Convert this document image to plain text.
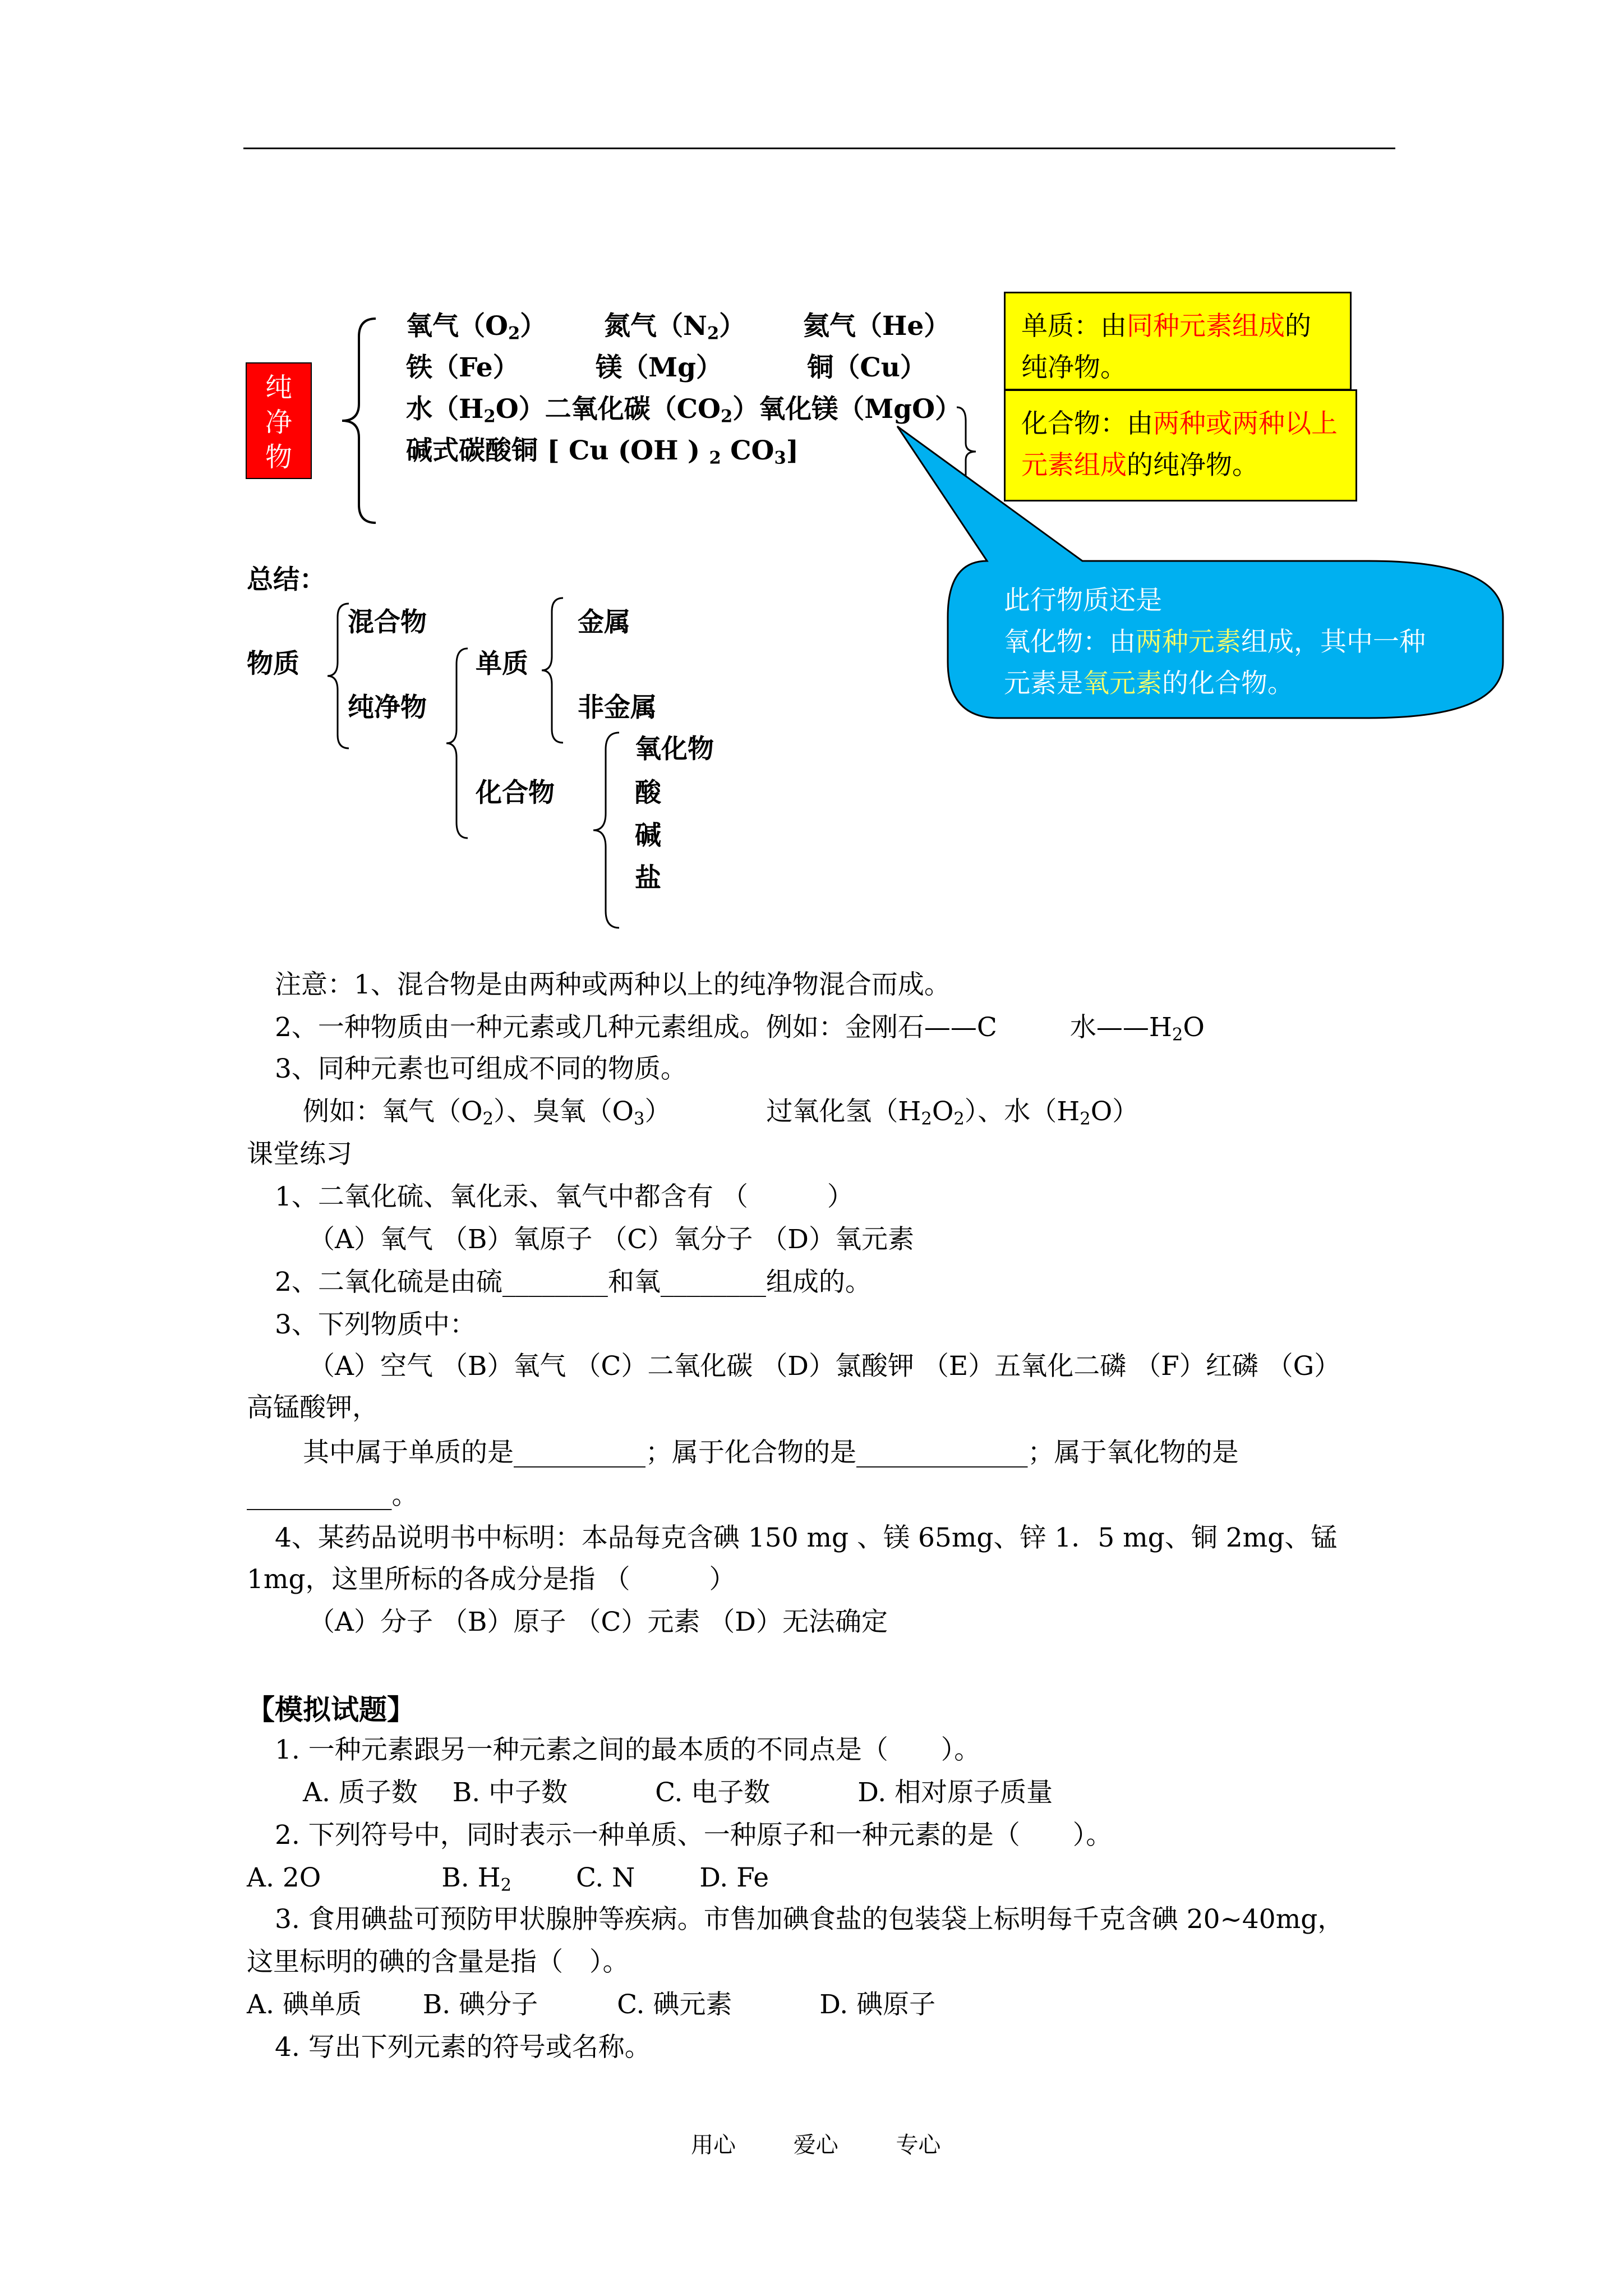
纯
净
物
氧气$(O_2)$ 氮气$(N_2)$ 氦气（He）
铁（Fe）	镁（Mg）	铜（Cu）
水$(H_2O)$二氧化碳$(CO_2)$氧化镁（MgO）
碱式碳酸铜 [ Cu (OH ) $_2$ $CO_3$]
此行物质还是
氧化物：由两种元素组成，其中一种
元素是氧元素的化合物。
单质：由同种元素组成的纯净物。
化合物：由两种或两种以上元素组成的纯净物。
总结：
物质
混合物
纯净物
单质
化合物
金属
非金属
氧化物
酸
碱
盐
注意：1、混合物是由两种或两种以上的纯净物混合而成。
2、一种物质由一种元素或几种元素组成。例如：金刚石——C	水$——H_2O$
3、同种元素也可组成不同的物质。
例如：氧气$(O_2)$、臭氧$(O_3)$	过氧化氢$(H_2O_2)$、水$(H_2O)$
课堂练习
1、二氧化硫、氧化汞、氧气中都含有 （　　　）
（A）氧气 （B）氧原子 （C）氧分子 （D）氧元素
2、二氧化硫是由硫________和氧________组成的。
3、下列物质中：
（A）空气 （B）氧气 （C）二氧化碳 （D）氯酸钾 （E）五氧化二磷 （F）红磷 （G）
高锰酸钾，
其中属于单质的是__________；属于化合物的是_____________；属于氧化物的是
___________。
4、某药品说明书中标明：本品每克含碘 150 mg 、镁 65mg、锌 1．5 mg、铜 2mg、锰
1mg，这里所标的各成分是指 （　　　）
（A）分子 （B）原子 （C）元素 （D）无法确定
【模拟试题】
1. 一种元素跟另一种元素之间的最本质的不同点是（　　）。
A. 质子数　 B. 中子数　　　 C. 电子数　　　 D. 相对原子质量
2. 下列符号中，同时表示一种单质、一种原子和一种元素的是（　　）。
A. 2O	B. $H_2$ C. N D. Fe
3. 食用碘盐可预防甲状腺肿等疾病。市售加碘食盐的包装袋上标明每千克含碘 20~40mg，
这里标明的碘的含量是指（　）。
A. 碘单质　　 B. 碘分子　　　C. 碘元素　　　 D. 碘原子
4. 写出下列元素的符号或名称。
用心	爱心	专心
